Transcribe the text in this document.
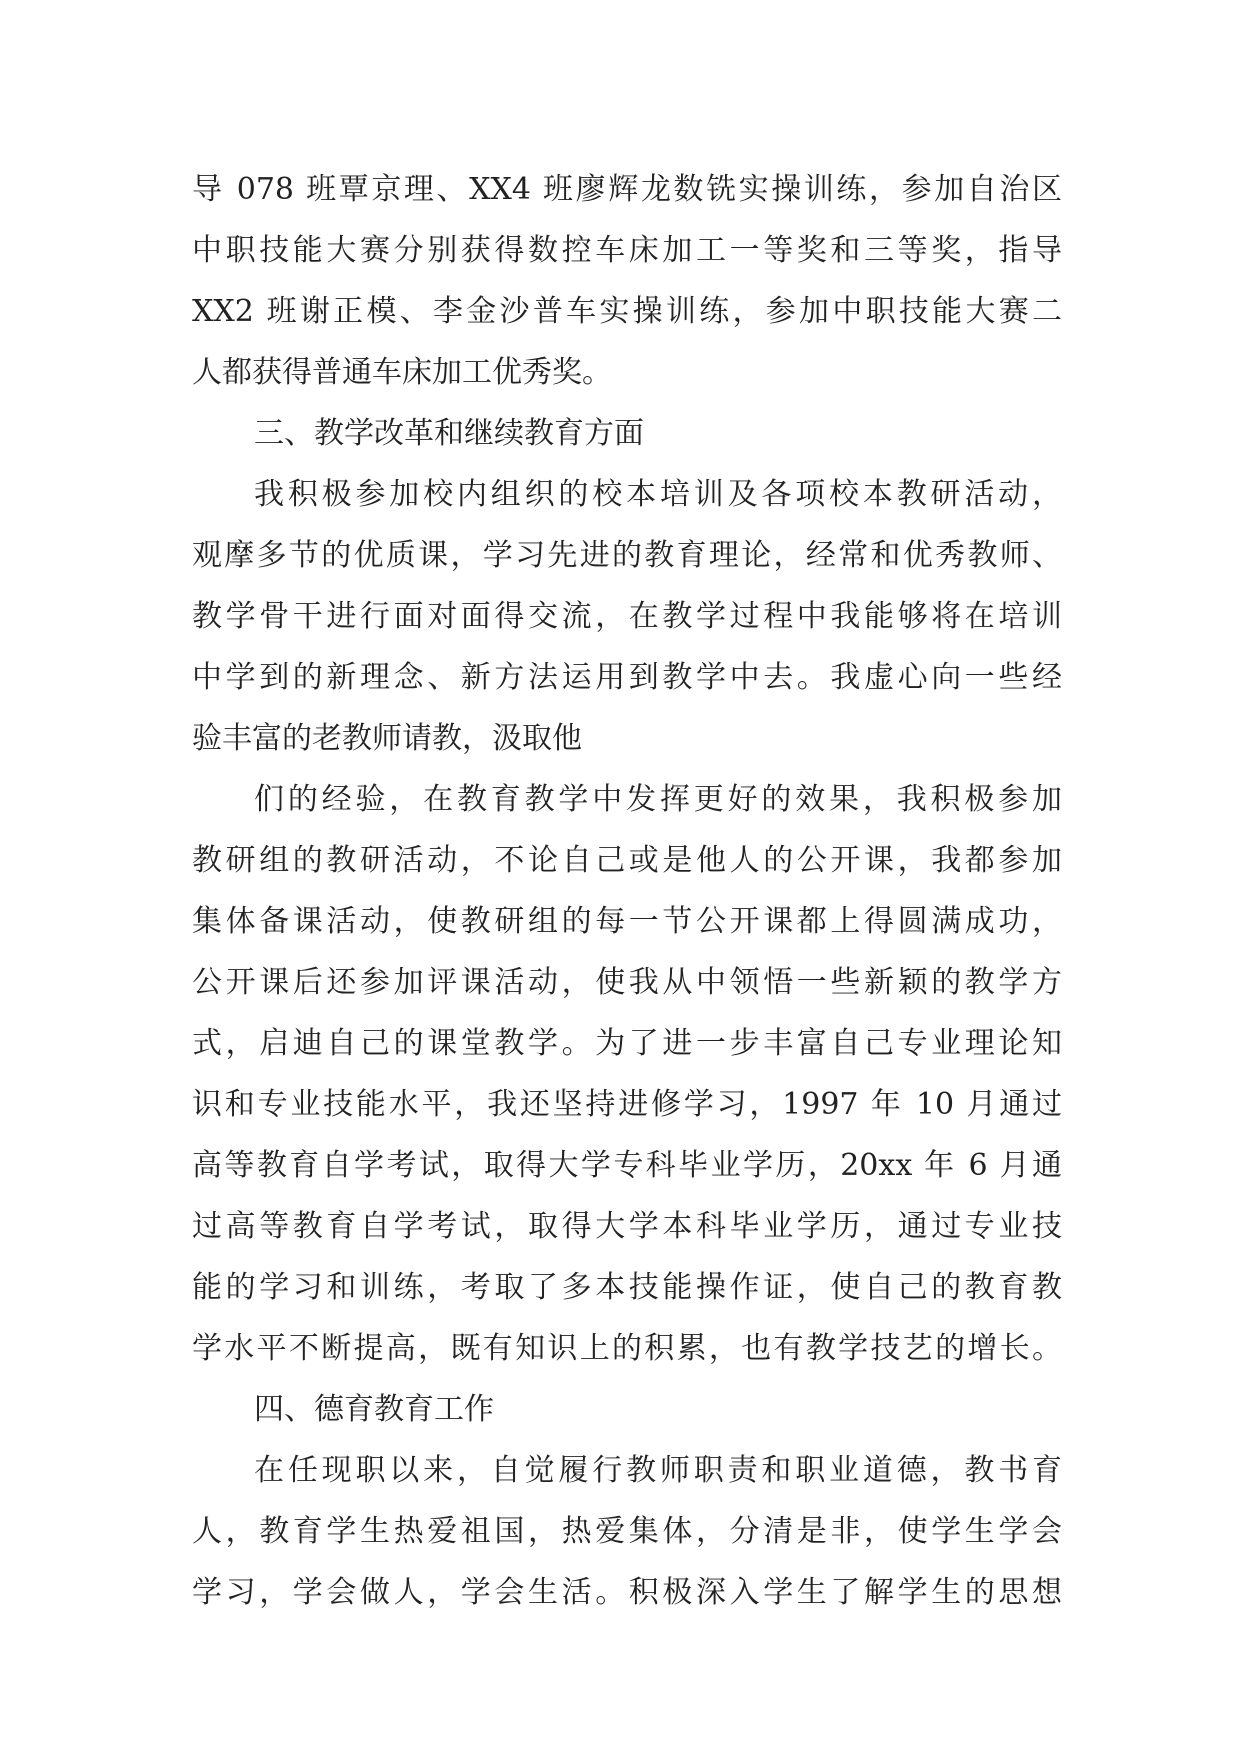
导 078 班覃京理、XX4 班廖辉龙数铣实操训练，参加自治区
中职技能大赛分别获得数控车床加工一等奖和三等奖，指导
XX2 班谢正模、李金沙普车实操训练，参加中职技能大赛二
人都获得普通车床加工优秀奖。
三、教学改革和继续教育方面
我积极参加校内组织的校本培训及各项校本教研活动，
观摩多节的优质课，学习先进的教育理论，经常和优秀教师、
教学骨干进行面对面得交流，在教学过程中我能够将在培训
中学到的新理念、新方法运用到教学中去。我虚心向一些经
验丰富的老教师请教，汲取他
们的经验，在教育教学中发挥更好的效果，我积极参加
教研组的教研活动，不论自己或是他人的公开课，我都参加
集体备课活动，使教研组的每一节公开课都上得圆满成功，
公开课后还参加评课活动，使我从中领悟一些新颖的教学方
式，启迪自己的课堂教学。为了进一步丰富自己专业理论知
识和专业技能水平，我还坚持进修学习，1997 年 10 月通过
高等教育自学考试，取得大学专科毕业学历，20xx 年 6 月通
过高等教育自学考试，取得大学本科毕业学历，通过专业技
能的学习和训练，考取了多本技能操作证，使自己的教育教
学水平不断提高，既有知识上的积累，也有教学技艺的增长。
四、德育教育工作
在任现职以来，自觉履行教师职责和职业道德，教书育
人，教育学生热爱祖国，热爱集体，分清是非，使学生学会
学习，学会做人，学会生活。积极深入学生了解学生的思想
